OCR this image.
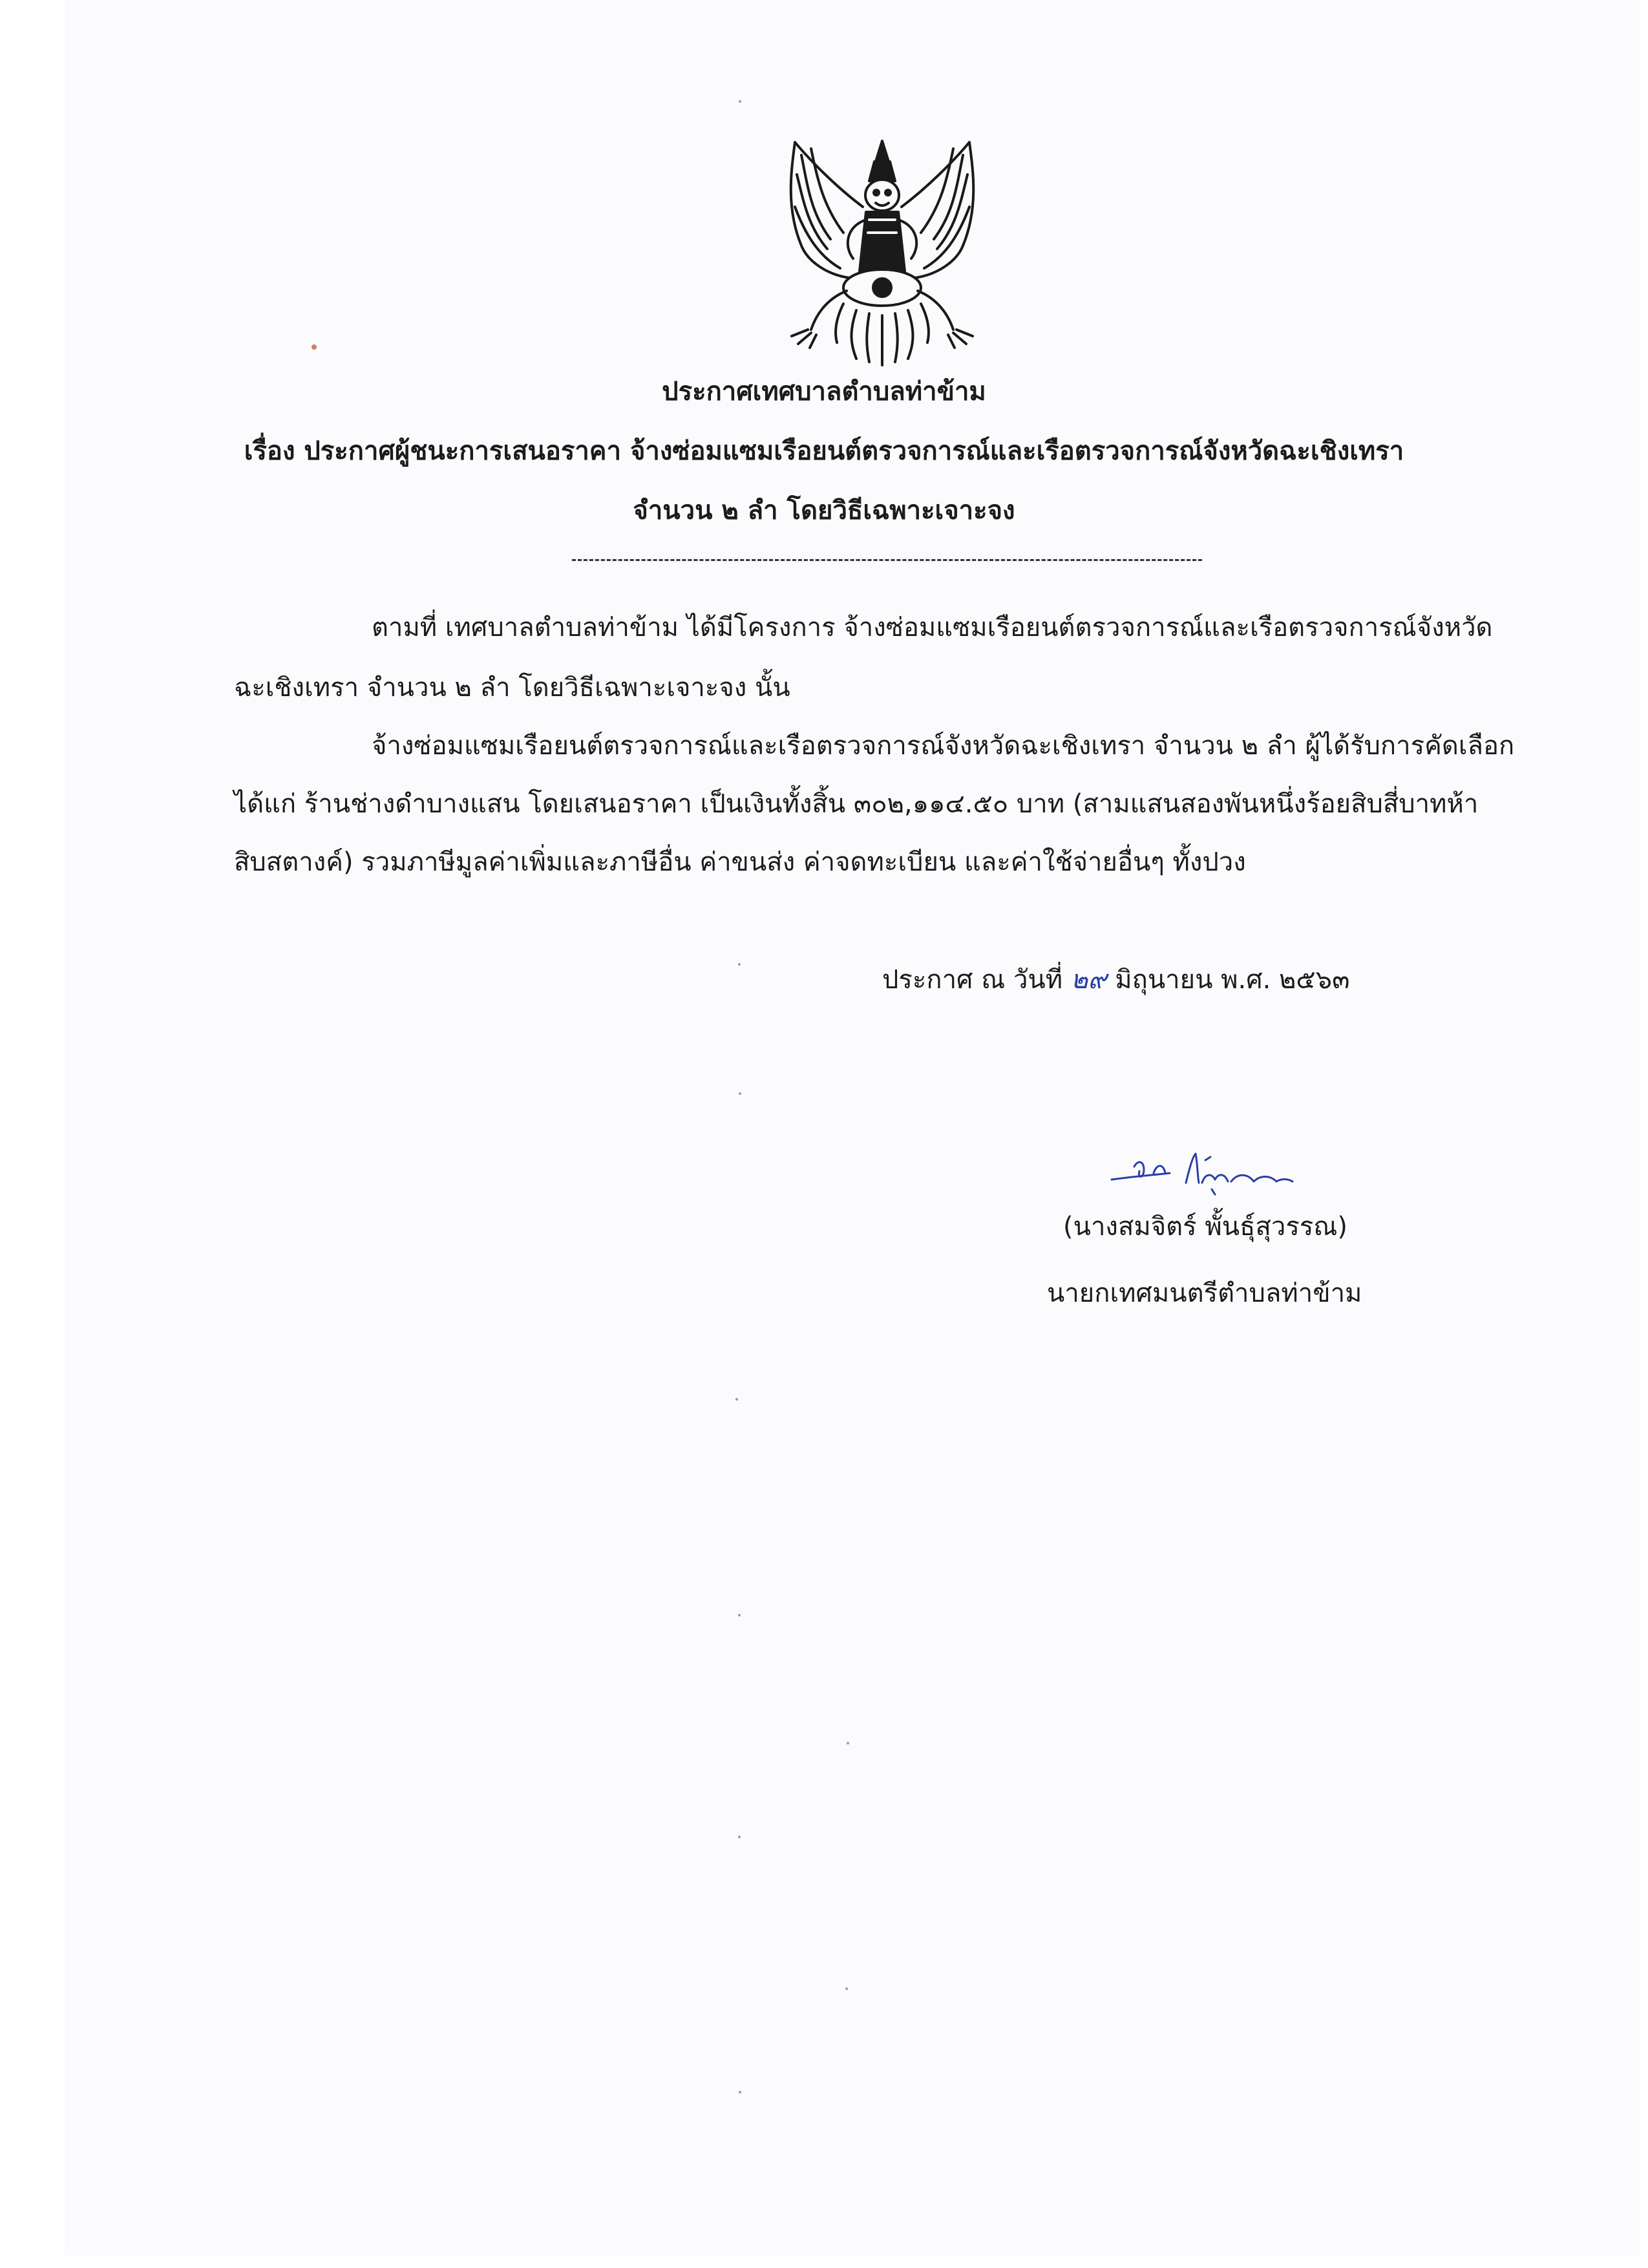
ประกาศเทศบาลตำบลท่าข้าม
เรื่อง ประกาศผู้ชนะการเสนอราคา จ้างซ่อมแซมเรือยนต์ตรวจการณ์และเรือตรวจการณ์จังหวัดฉะเชิงเทรา
จำนวน ๒ ลำ โดยวิธีเฉพาะเจาะจง
ตามที่ เทศบาลตำบลท่าข้าม ได้มีโครงการ จ้างซ่อมแซมเรือยนต์ตรวจการณ์และเรือตรวจการณ์จังหวัด
ฉะเชิงเทรา จำนวน ๒ ลำ โดยวิธีเฉพาะเจาะจง นั้น
จ้างซ่อมแซมเรือยนต์ตรวจการณ์และเรือตรวจการณ์จังหวัดฉะเชิงเทรา จำนวน ๒ ลำ ผู้ได้รับการคัดเลือก
ได้แก่ ร้านช่างดำบางแสน โดยเสนอราคา เป็นเงินทั้งสิ้น ๓๐๒,๑๑๔.๕๐ บาท (สามแสนสองพันหนึ่งร้อยสิบสี่บาทห้า
สิบสตางค์) รวมภาษีมูลค่าเพิ่มและภาษีอื่น ค่าขนส่ง ค่าจดทะเบียน และค่าใช้จ่ายอื่นๆ ทั้งปวง
ประกาศ ณ วันที่ ๒๙ มิถุนายน พ.ศ. ๒๕๖๓
(นางสมจิตร์ พั้นธุ์สุวรรณ)
นายกเทศมนตรีตำบลท่าข้าม
